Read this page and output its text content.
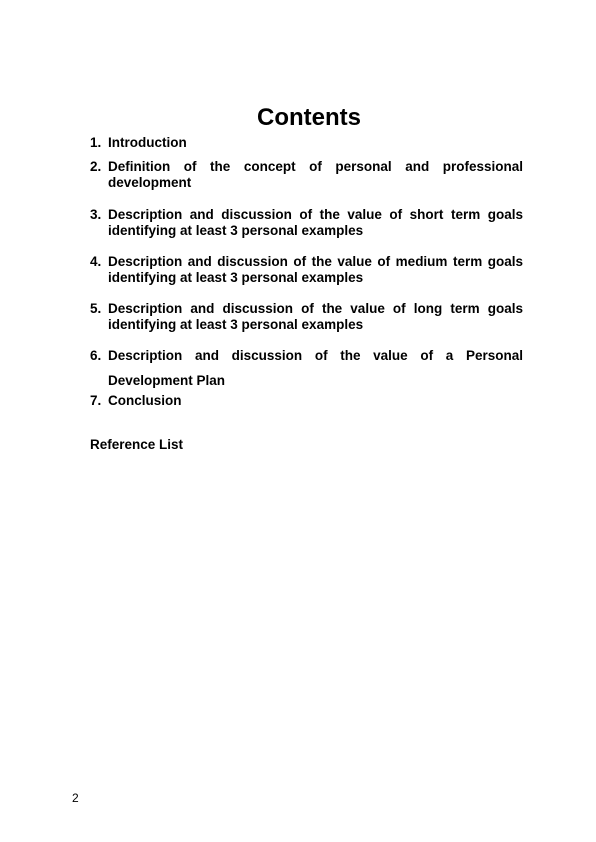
Contents
1. Introduction
2. Definition of the concept of personal and professional development
3. Description and discussion of the value of short term goals identifying at least 3 personal examples
4. Description and discussion of the value of medium term goals identifying at least 3 personal examples
5. Description and discussion of the value of long term goals identifying at least 3 personal examples
6. Description and discussion of the value of a Personal Development Plan
7. Conclusion
Reference List
2
